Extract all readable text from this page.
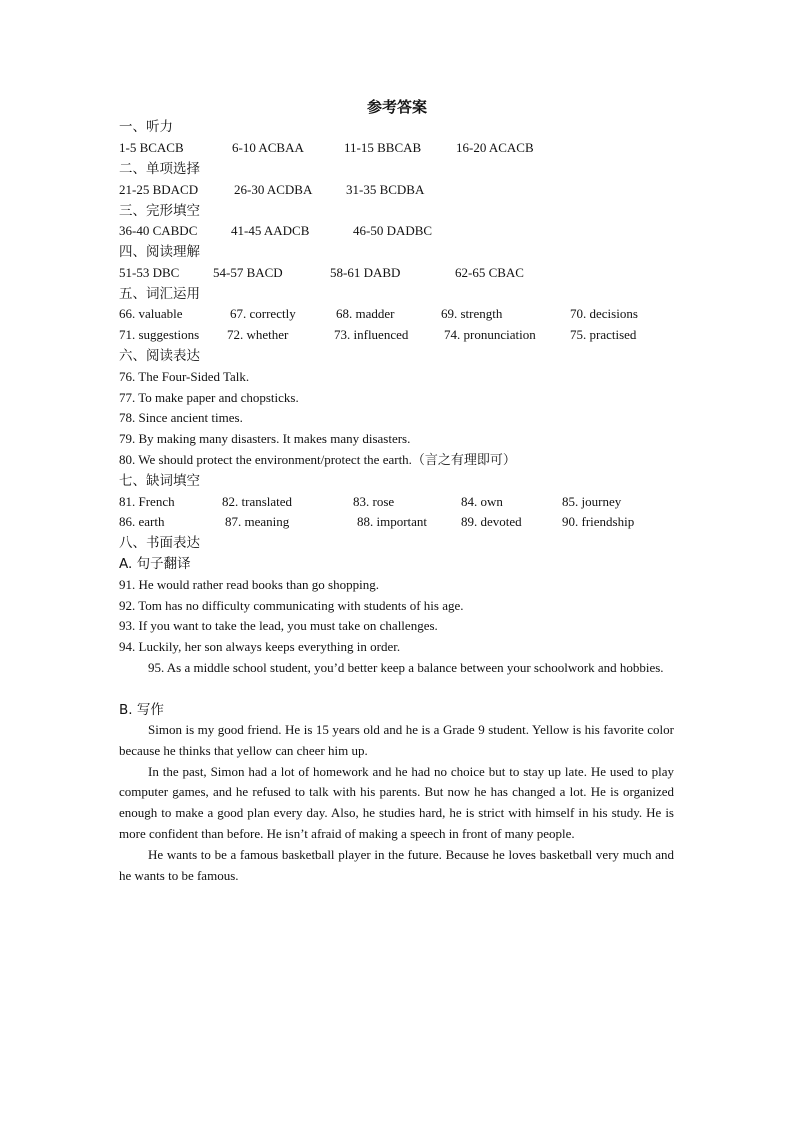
参考答案
一、听力
1-5 BCACB	6-10 ACBAA	11-15 BBCAB	16-20 ACACB
二、单项选择
21-25 BDACD	26-30 ACDBA	31-35 BCDBA
三、完形填空
36-40 CABDC	41-45 AADCB	46-50 DADBC
四、阅读理解
51-53 DBC	54-57 BACD	58-61 DABD	62-65 CBAC
五、词汇运用
66. valuable	67. correctly	68. madder	69. strength	70. decisions
71. suggestions 72. whether	73. influenced	74. pronunciation	75. practised
六、阅读表达
76. The Four-Sided Talk.
77. To make paper and chopsticks.
78. Since ancient times.
79. By making many disasters. It makes many disasters.
80. We should protect the environment/protect the earth.（言之有理即可）
七、缺词填空
81. French	82. translated	83. rose	84. own	85. journey
86. earth	87. meaning	88. important	89. devoted	90. friendship
八、书面表达
A. 句子翻译
91. He would rather read books than go shopping.
92. Tom has no difficulty communicating with students of his age.
93. If you want to take the lead, you must take on challenges.
94. Luckily, her son always keeps everything in order.

95. As a middle school student, you’d better keep a balance between your schoolwork and hobbies.

B. 写作

Simon is my good friend. He is 15 years old and he is a Grade 9 student. Yellow is his favorite color because he thinks that yellow can cheer him up.

In the past, Simon had a lot of homework and he had no choice but to stay up late. He used to play computer games, and he refused to talk with his parents. But now he has changed a lot. He is organized enough to make a good plan every day. Also, he studies hard, he is strict with himself in his study. He is more confident than before. He isn’t afraid of making a speech in front of many people.

He wants to be a famous basketball player in the future. Because he loves basketball very much and he wants to be famous.
